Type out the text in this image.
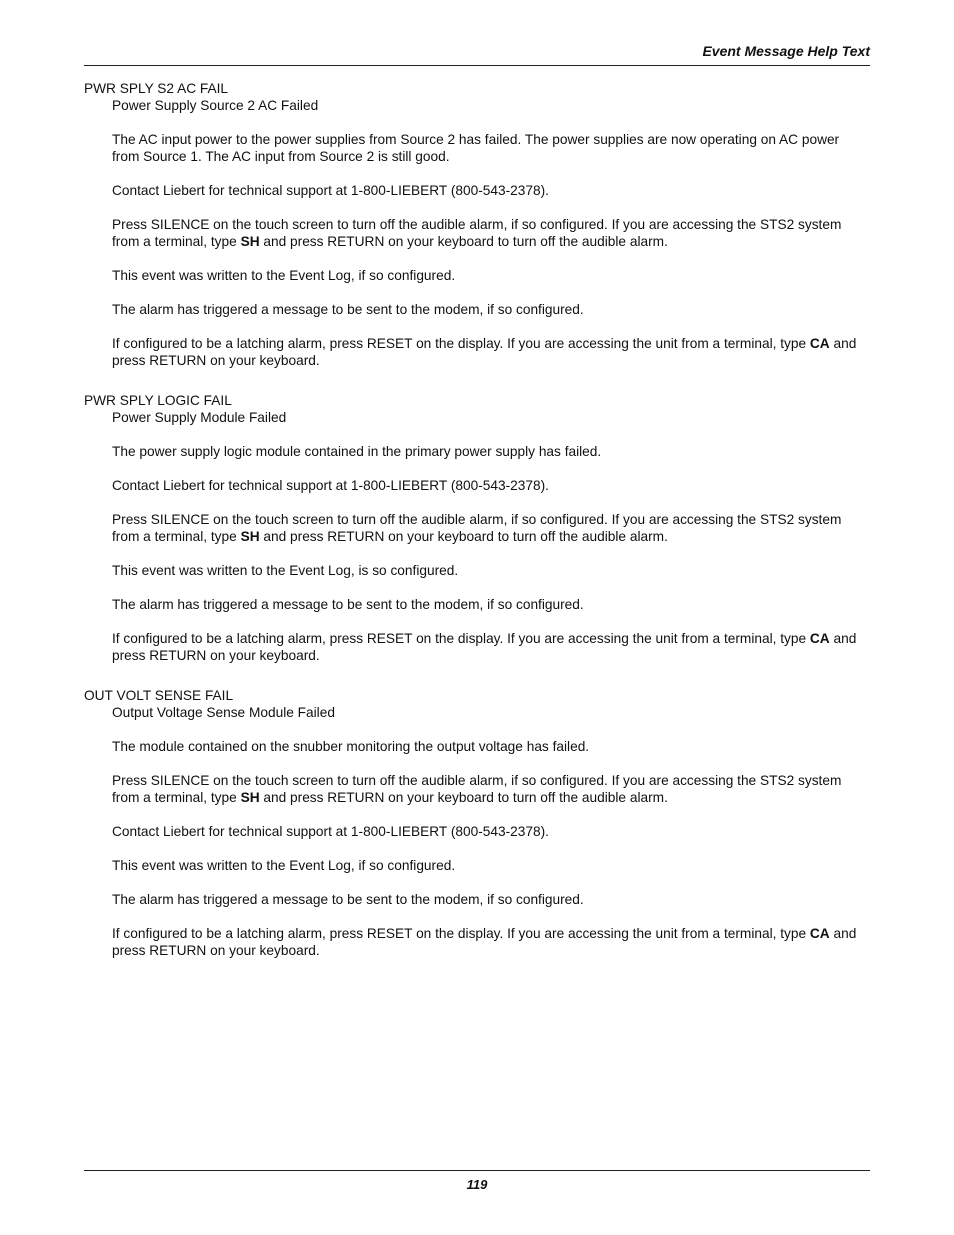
Event Message Help Text
PWR SPLY S2 AC FAIL
Power Supply Source 2 AC Failed

The AC input power to the power supplies from Source 2 has failed. The power supplies are now operating on AC power from Source 1. The AC input from Source 2 is still good.

Contact Liebert for technical support at 1-800-LIEBERT (800-543-2378).

Press SILENCE on the touch screen to turn off the audible alarm, if so configured. If you are accessing the STS2 system from a terminal, type SH and press RETURN on your keyboard to turn off the audible alarm.

This event was written to the Event Log, if so configured.

The alarm has triggered a message to be sent to the modem, if so configured.

If configured to be a latching alarm, press RESET on the display. If you are accessing the unit from a terminal, type CA and press RETURN on your keyboard.

PWR SPLY LOGIC FAIL
Power Supply Module Failed

The power supply logic module contained in the primary power supply has failed.

Contact Liebert for technical support at 1-800-LIEBERT (800-543-2378).

Press SILENCE on the touch screen to turn off the audible alarm, if so configured. If you are accessing the STS2 system from a terminal, type SH and press RETURN on your keyboard to turn off the audible alarm.

This event was written to the Event Log, is so configured.

The alarm has triggered a message to be sent to the modem, if so configured.

If configured to be a latching alarm, press RESET on the display. If you are accessing the unit from a terminal, type CA and press RETURN on your keyboard.

OUT VOLT SENSE FAIL
Output Voltage Sense Module Failed

The module contained on the snubber monitoring the output voltage has failed.

Press SILENCE on the touch screen to turn off the audible alarm, if so configured. If you are accessing the STS2 system from a terminal, type SH and press RETURN on your keyboard to turn off the audible alarm.

Contact Liebert for technical support at 1-800-LIEBERT (800-543-2378).

This event was written to the Event Log, if so configured.

The alarm has triggered a message to be sent to the modem, if so configured.

If configured to be a latching alarm, press RESET on the display. If you are accessing the unit from a terminal, type CA and press RETURN on your keyboard.

119
